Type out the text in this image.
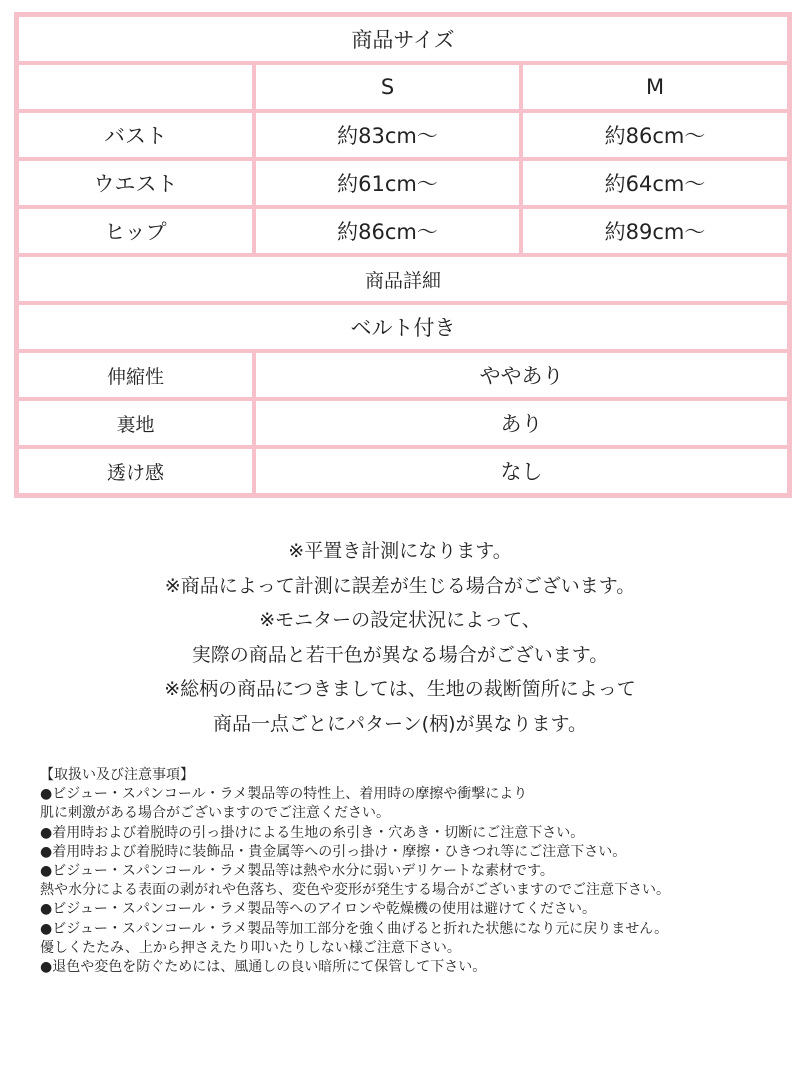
商品サイズ		
	S	M
バスト	約83cm～	約86cm～
ウエスト	約61cm～	約64cm～
ヒップ	約86cm～	約89cm～
商品詳細		
ベルト付き		
伸縮性	ややあり	
裏地	あり	
透け感	なし	
※平置き計測になります。
※商品によって計測に誤差が生じる場合がございます。
※モニターの設定状況によって、
実際の商品と若干色が異なる場合がございます。
※総柄の商品につきましては、生地の裁断箇所によって
商品一点ごとにパターン(柄)が異なります。
【取扱い及び注意事項】
●ビジュー・スパンコール・ラメ製品等の特性上、着用時の摩擦や衝撃により
肌に刺激がある場合がございますのでご注意ください。
●着用時および着脱時の引っ掛けによる生地の糸引き・穴あき・切断にご注意下さい。
●着用時および着脱時に装飾品・貴金属等への引っ掛け・摩擦・ひきつれ等にご注意下さい。
●ビジュー・スパンコール・ラメ製品等は熱や水分に弱いデリケートな素材です。
熱や水分による表面の剥がれや色落ち、変色や変形が発生する場合がございますのでご注意下さい。
●ビジュー・スパンコール・ラメ製品等へのアイロンや乾燥機の使用は避けてください。
●ビジュー・スパンコール・ラメ製品等加工部分を強く曲げると折れた状態になり元に戻りません。
優しくたたみ、上から押さえたり叩いたりしない様ご注意下さい。
●退色や変色を防ぐためには、風通しの良い暗所にて保管して下さい。
